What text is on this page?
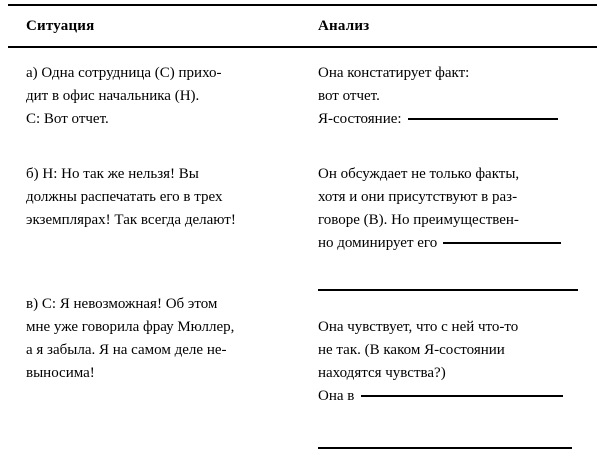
Ситуация	Анализ
а) Одна сотрудница (С) прихо-
дит в офис начальника (Н).
С: Вот отчет.
Она констатирует факт:
вот отчет.
Я-состояние:
б) Н: Но так же нельзя! Вы
должны распечатать его в трех
экземплярах! Так всегда делают!
Он обсуждает не только факты,
хотя и они присутствуют в раз-
говоре (В). Но преимуществен-
но доминирует его
в) С: Я невозможная! Об этом
мне уже говорила фрау Мюллер,
а я забыла. Я на самом деле не-
выносима!
Она чувствует, что с ней что-то
не так. (В каком Я-состоянии
находятся чувства?)
Она в
